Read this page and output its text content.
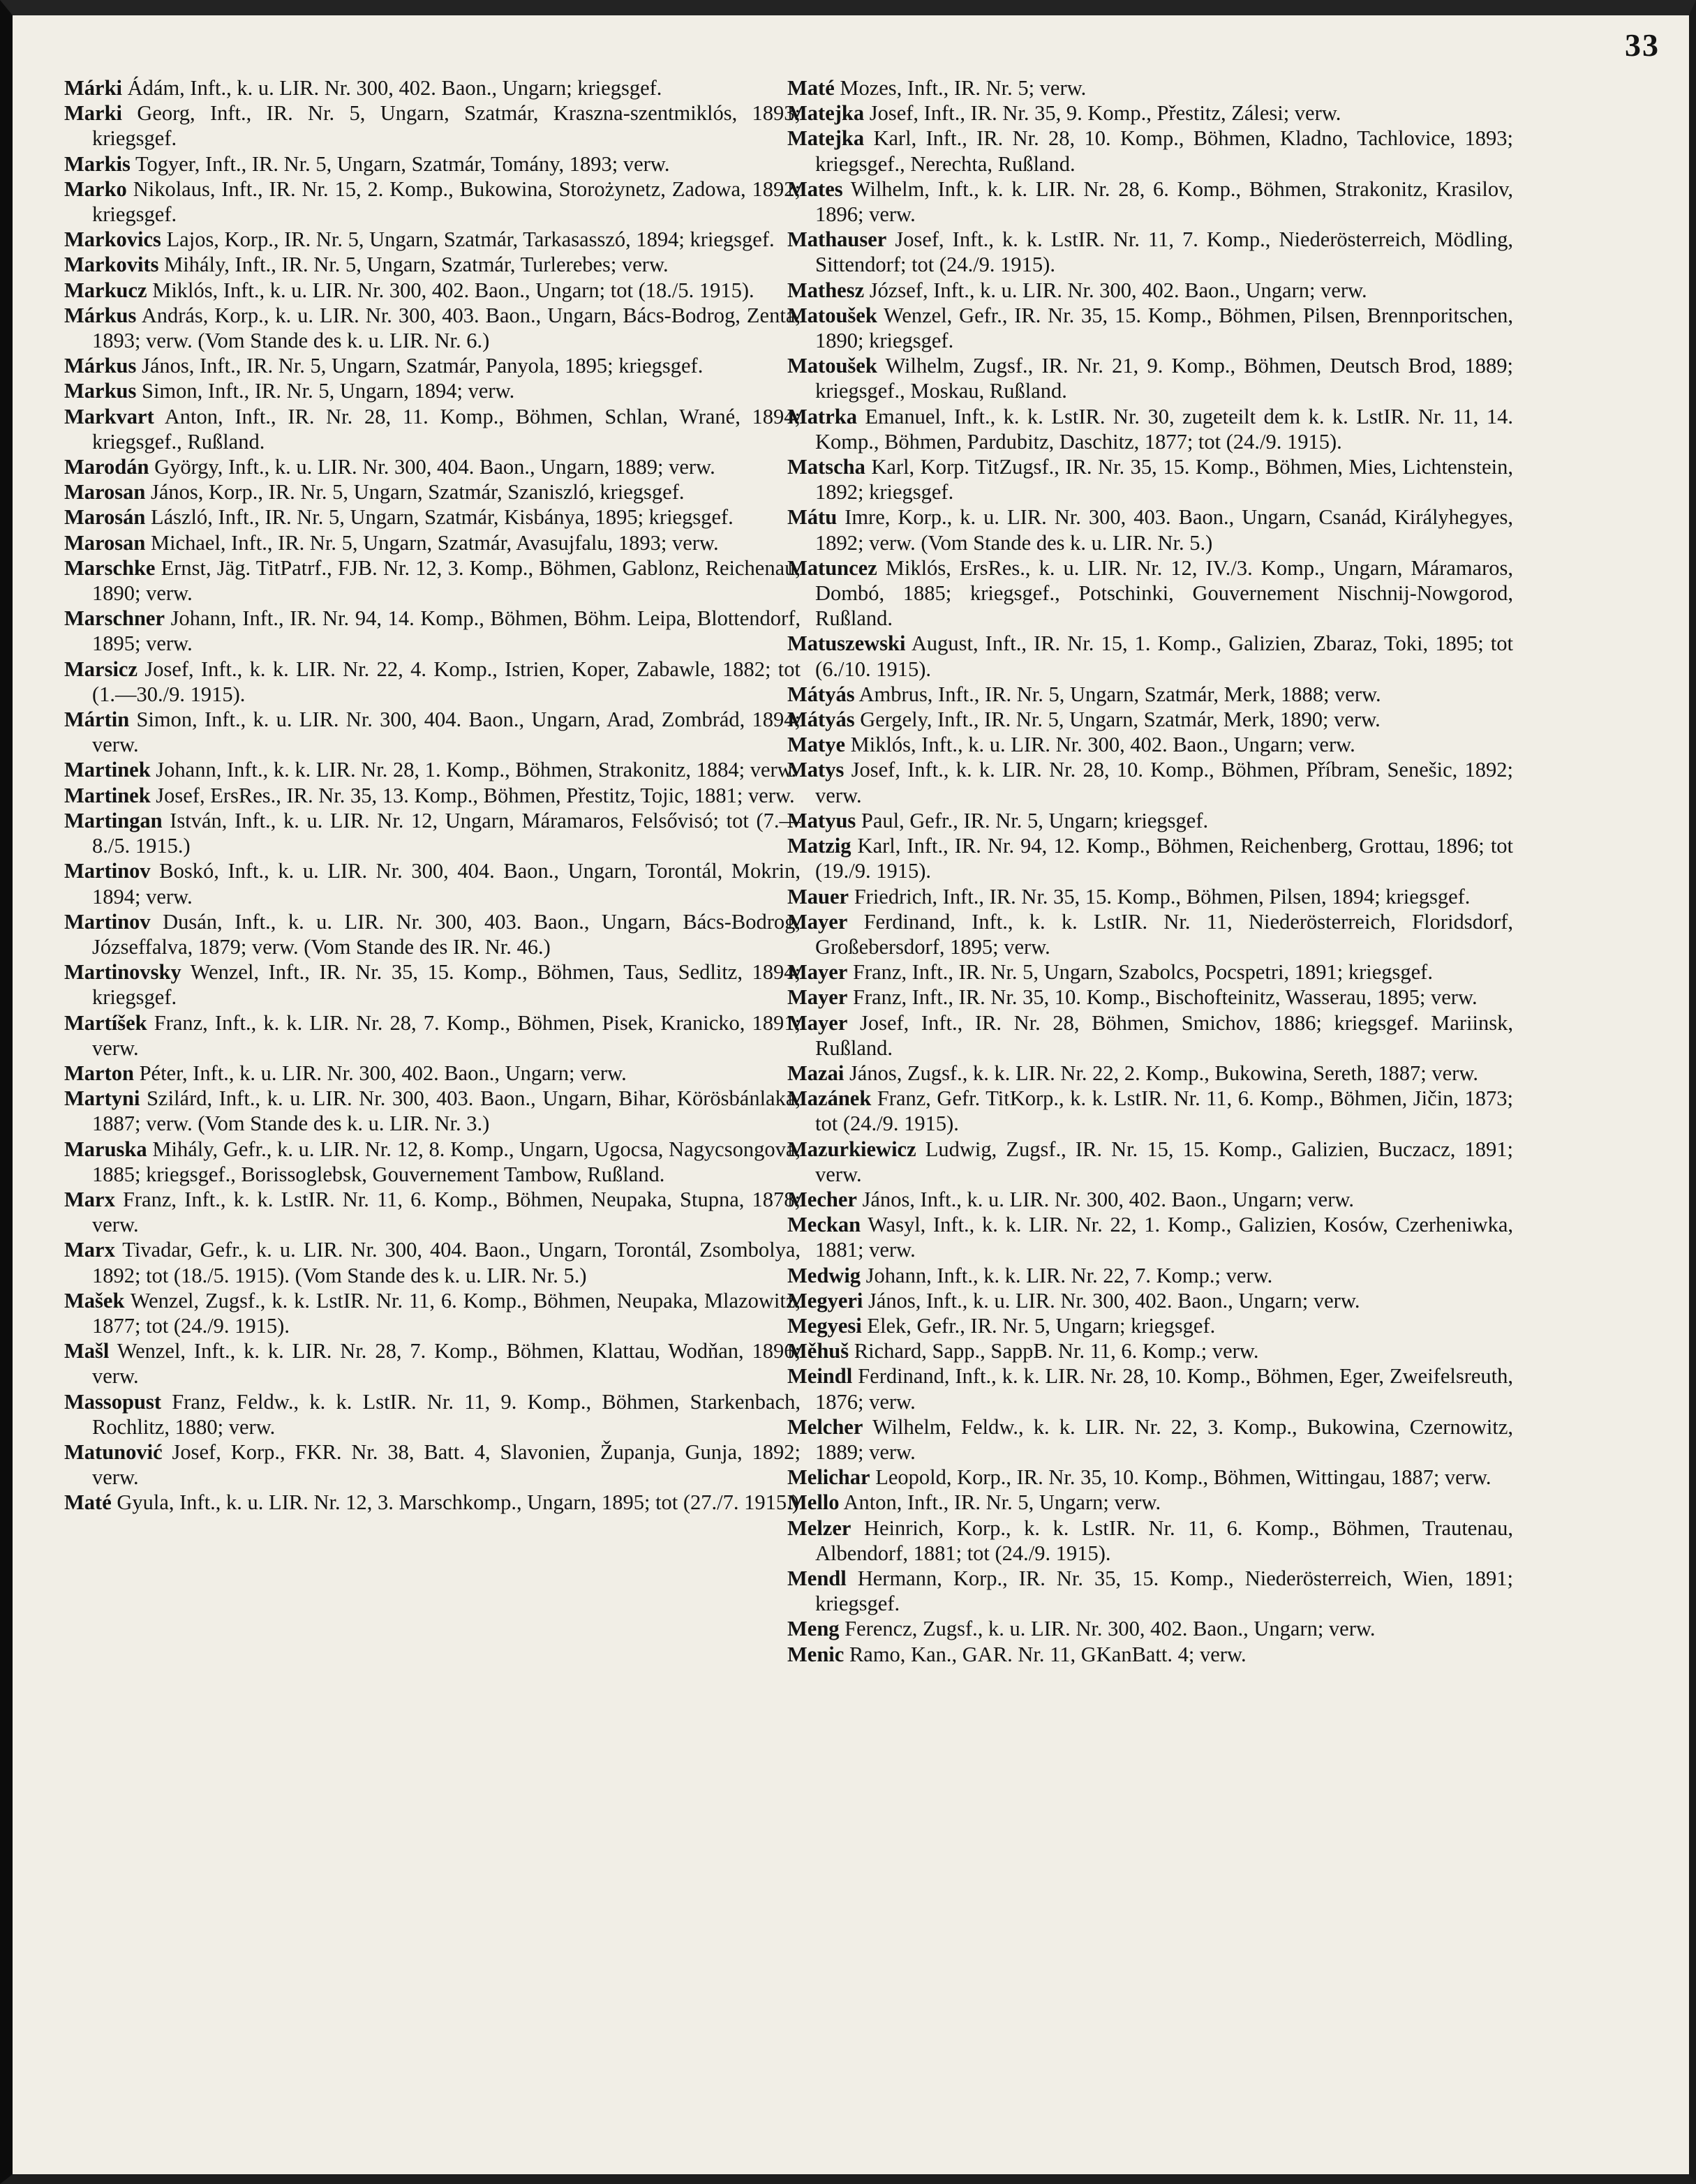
33
Márki Ádám, Inft., k. u. LIR. Nr. 300, 402. Baon., Ungarn; kriegsgef.
Marki Georg, Inft., IR. Nr. 5, Ungarn, Szatmár, Kraszna-szentmiklós, 1893; kriegsgef.
Markis Togyer, Inft., IR. Nr. 5, Ungarn, Szatmár, Tomány, 1893; verw.
Marko Nikolaus, Inft., IR. Nr. 15, 2. Komp., Bukowina, Storożynetz, Zadowa, 1892; kriegsgef.
Markovics Lajos, Korp., IR. Nr. 5, Ungarn, Szatmár, Tarkasasszó, 1894; kriegsgef.
Markovits Mihály, Inft., IR. Nr. 5, Ungarn, Szatmár, Turlerebes; verw.
Markucz Miklós, Inft., k. u. LIR. Nr. 300, 402. Baon., Ungarn; tot (18./5. 1915).
Márkus András, Korp., k. u. LIR. Nr. 300, 403. Baon., Ungarn, Bács-Bodrog, Zenta, 1893; verw. (Vom Stande des k. u. LIR. Nr. 6.)
Márkus János, Inft., IR. Nr. 5, Ungarn, Szatmár, Panyola, 1895; kriegsgef.
Markus Simon, Inft., IR. Nr. 5, Ungarn, 1894; verw.
Markvart Anton, Inft., IR. Nr. 28, 11. Komp., Böhmen, Schlan, Wrané, 1894; kriegsgef., Rußland.
Marodán György, Inft., k. u. LIR. Nr. 300, 404. Baon., Ungarn, 1889; verw.
Marosan János, Korp., IR. Nr. 5, Ungarn, Szatmár, Szaniszló, kriegsgef.
Marosán László, Inft., IR. Nr. 5, Ungarn, Szatmár, Kisbánya, 1895; kriegsgef.
Marosan Michael, Inft., IR. Nr. 5, Ungarn, Szatmár, Avasujfalu, 1893; verw.
Marschke Ernst, Jäg. TitPatrf., FJB. Nr. 12, 3. Komp., Böhmen, Gablonz, Reichenau, 1890; verw.
Marschner Johann, Inft., IR. Nr. 94, 14. Komp., Böhmen, Böhm. Leipa, Blottendorf, 1895; verw.
Marsicz Josef, Inft., k. k. LIR. Nr. 22, 4. Komp., Istrien, Koper, Zabawle, 1882; tot (1.—30./9. 1915).
Mártin Simon, Inft., k. u. LIR. Nr. 300, 404. Baon., Ungarn, Arad, Zombrád, 1894; verw.
Martinek Johann, Inft., k. k. LIR. Nr. 28, 1. Komp., Böhmen, Strakonitz, 1884; verw.
Martinek Josef, ErsRes., IR. Nr. 35, 13. Komp., Böhmen, Přestitz, Tojic, 1881; verw.
Martingan István, Inft., k. u. LIR. Nr. 12, Ungarn, Máramaros, Felsővisó; tot (7.—8./5. 1915.)
Martinov Boskó, Inft., k. u. LIR. Nr. 300, 404. Baon., Ungarn, Torontál, Mokrin, 1894; verw.
Martinov Dusán, Inft., k. u. LIR. Nr. 300, 403. Baon., Ungarn, Bács-Bodrog, Józseffalva, 1879; verw. (Vom Stande des IR. Nr. 46.)
Martinovsky Wenzel, Inft., IR. Nr. 35, 15. Komp., Böhmen, Taus, Sedlitz, 1894; kriegsgef.
Martíšek Franz, Inft., k. k. LIR. Nr. 28, 7. Komp., Böhmen, Pisek, Kranicko, 1891; verw.
Marton Péter, Inft., k. u. LIR. Nr. 300, 402. Baon., Ungarn; verw.
Martyni Szilárd, Inft., k. u. LIR. Nr. 300, 403. Baon., Ungarn, Bihar, Körösbánlaka, 1887; verw. (Vom Stande des k. u. LIR. Nr. 3.)
Maruska Mihály, Gefr., k. u. LIR. Nr. 12, 8. Komp., Ungarn, Ugocsa, Nagycsongova, 1885; kriegsgef., Borissoglebsk, Gouvernement Tambow, Rußland.
Marx Franz, Inft., k. k. LstIR. Nr. 11, 6. Komp., Böhmen, Neupaka, Stupna, 1878; verw.
Marx Tivadar, Gefr., k. u. LIR. Nr. 300, 404. Baon., Ungarn, Torontál, Zsombolya, 1892; tot (18./5. 1915). (Vom Stande des k. u. LIR. Nr. 5.)
Mašek Wenzel, Zugsf., k. k. LstIR. Nr. 11, 6. Komp., Böhmen, Neupaka, Mlazowitz, 1877; tot (24./9. 1915).
Mašl Wenzel, Inft., k. k. LIR. Nr. 28, 7. Komp., Böhmen, Klattau, Wodňan, 1896; verw.
Massopust Franz, Feldw., k. k. LstIR. Nr. 11, 9. Komp., Böhmen, Starkenbach, Rochlitz, 1880; verw.
Matunović Josef, Korp., FKR. Nr. 38, Batt. 4, Slavonien, Županja, Gunja, 1892; verw.
Maté Gyula, Inft., k. u. LIR. Nr. 12, 3. Marschkomp., Ungarn, 1895; tot (27./7. 1915.)
Maté Mozes, Inft., IR. Nr. 5; verw.
Matejka Josef, Inft., IR. Nr. 35, 9. Komp., Přestitz, Zálesi; verw.
Matejka Karl, Inft., IR. Nr. 28, 10. Komp., Böhmen, Kladno, Tachlovice, 1893; kriegsgef., Nerechta, Rußland.
Mates Wilhelm, Inft., k. k. LIR. Nr. 28, 6. Komp., Böhmen, Strakonitz, Krasilov, 1896; verw.
Mathauser Josef, Inft., k. k. LstIR. Nr. 11, 7. Komp., Niederösterreich, Mödling, Sittendorf; tot (24./9. 1915).
Mathesz József, Inft., k. u. LIR. Nr. 300, 402. Baon., Ungarn; verw.
Matoušek Wenzel, Gefr., IR. Nr. 35, 15. Komp., Böhmen, Pilsen, Brennporitschen, 1890; kriegsgef.
Matoušek Wilhelm, Zugsf., IR. Nr. 21, 9. Komp., Böhmen, Deutsch Brod, 1889; kriegsgef., Moskau, Rußland.
Matrka Emanuel, Inft., k. k. LstIR. Nr. 30, zugeteilt dem k. k. LstIR. Nr. 11, 14. Komp., Böhmen, Pardubitz, Daschitz, 1877; tot (24./9. 1915).
Matscha Karl, Korp. TitZugsf., IR. Nr. 35, 15. Komp., Böhmen, Mies, Lichtenstein, 1892; kriegsgef.
Mátu Imre, Korp., k. u. LIR. Nr. 300, 403. Baon., Ungarn, Csanád, Királyhegyes, 1892; verw. (Vom Stande des k. u. LIR. Nr. 5.)
Matuncez Miklós, ErsRes., k. u. LIR. Nr. 12, IV./3. Komp., Ungarn, Máramaros, Dombó, 1885; kriegsgef., Potschinki, Gouvernement Nischnij-Nowgorod, Rußland.
Matuszewski August, Inft., IR. Nr. 15, 1. Komp., Galizien, Zbaraz, Toki, 1895; tot (6./10. 1915).
Mátyás Ambrus, Inft., IR. Nr. 5, Ungarn, Szatmár, Merk, 1888; verw.
Mátyás Gergely, Inft., IR. Nr. 5, Ungarn, Szatmár, Merk, 1890; verw.
Matye Miklós, Inft., k. u. LIR. Nr. 300, 402. Baon., Ungarn; verw.
Matys Josef, Inft., k. k. LIR. Nr. 28, 10. Komp., Böhmen, Příbram, Senešic, 1892; verw.
Matyus Paul, Gefr., IR. Nr. 5, Ungarn; kriegsgef.
Matzig Karl, Inft., IR. Nr. 94, 12. Komp., Böhmen, Reichenberg, Grottau, 1896; tot (19./9. 1915).
Mauer Friedrich, Inft., IR. Nr. 35, 15. Komp., Böhmen, Pilsen, 1894; kriegsgef.
Mayer Ferdinand, Inft., k. k. LstIR. Nr. 11, Niederösterreich, Floridsdorf, Großebersdorf, 1895; verw.
Mayer Franz, Inft., IR. Nr. 5, Ungarn, Szabolcs, Pocspetri, 1891; kriegsgef.
Mayer Franz, Inft., IR. Nr. 35, 10. Komp., Bischofteinitz, Wasserau, 1895; verw.
Mayer Josef, Inft., IR. Nr. 28, Böhmen, Smichov, 1886; kriegsgef. Mariinsk, Rußland.
Mazai János, Zugsf., k. k. LIR. Nr. 22, 2. Komp., Bukowina, Sereth, 1887; verw.
Mazánek Franz, Gefr. TitKorp., k. k. LstIR. Nr. 11, 6. Komp., Böhmen, Jičin, 1873; tot (24./9. 1915).
Mazurkiewicz Ludwig, Zugsf., IR. Nr. 15, 15. Komp., Galizien, Buczacz, 1891; verw.
Mecher János, Inft., k. u. LIR. Nr. 300, 402. Baon., Ungarn; verw.
Meckan Wasyl, Inft., k. k. LIR. Nr. 22, 1. Komp., Galizien, Kosów, Czerheniwka, 1881; verw.
Medwig Johann, Inft., k. k. LIR. Nr. 22, 7. Komp.; verw.
Megyeri János, Inft., k. u. LIR. Nr. 300, 402. Baon., Ungarn; verw.
Megyesi Elek, Gefr., IR. Nr. 5, Ungarn; kriegsgef.
Měhuš Richard, Sapp., SappB. Nr. 11, 6. Komp.; verw.
Meindl Ferdinand, Inft., k. k. LIR. Nr. 28, 10. Komp., Böhmen, Eger, Zweifelsreuth, 1876; verw.
Melcher Wilhelm, Feldw., k. k. LIR. Nr. 22, 3. Komp., Bukowina, Czernowitz, 1889; verw.
Melichar Leopold, Korp., IR. Nr. 35, 10. Komp., Böhmen, Wittingau, 1887; verw.
Mello Anton, Inft., IR. Nr. 5, Ungarn; verw.
Melzer Heinrich, Korp., k. k. LstIR. Nr. 11, 6. Komp., Böhmen, Trautenau, Albendorf, 1881; tot (24./9. 1915).
Mendl Hermann, Korp., IR. Nr. 35, 15. Komp., Niederösterreich, Wien, 1891; kriegsgef.
Meng Ferencz, Zugsf., k. u. LIR. Nr. 300, 402. Baon., Ungarn; verw.
Menic Ramo, Kan., GAR. Nr. 11, GKanBatt. 4; verw.
